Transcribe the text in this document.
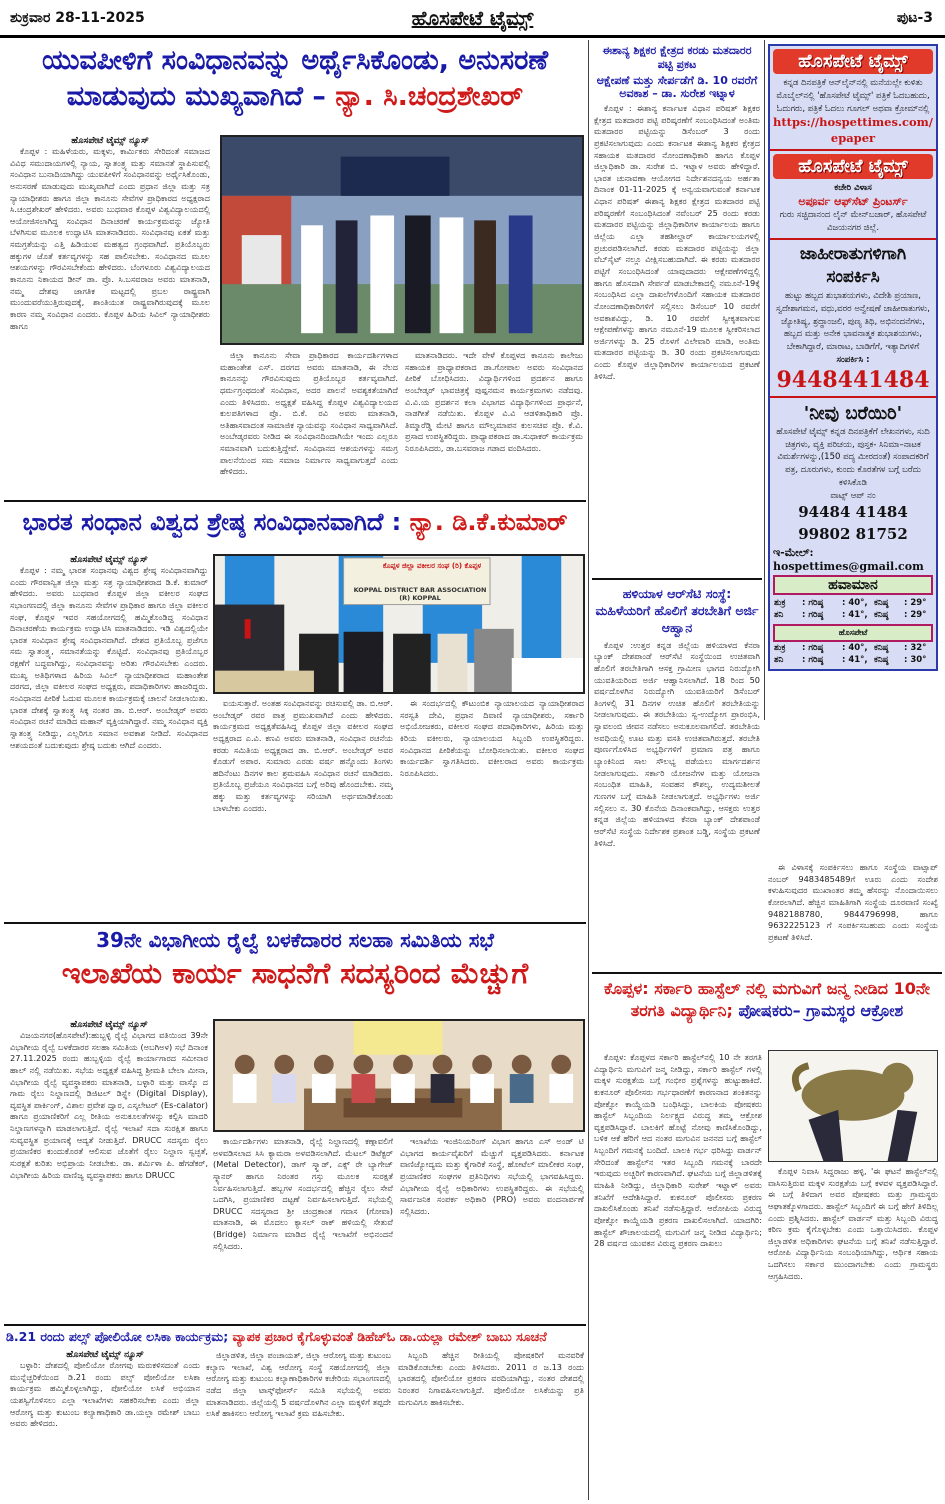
ಶುಕ್ರವಾರ 28-11-2025	ಹೊಸಪೇಟೆ ಟೈಮ್ಸ್	ಪುಟ-3
ಯುವಪೀಳಿಗೆ ಸಂವಿಧಾನವನ್ನು ಅರ್ಥೈಸಿಕೊಂಡು, ಅನುಸರಣೆ
ಮಾಡುವುದು ಮುಖ್ಯವಾಗಿದೆ – ನ್ಯಾ. ಸಿ.ಚಂದ್ರಶೇಖರ್
ಹೊಸಪೇಟೆ ಟೈಮ್ಸ್ ನ್ಯೂಸ್

ಕೊಪ್ಪಳ : ಮಹಿಳೆಯರು, ಮಕ್ಕಳು, ಕಾರ್ಮಿಕರು ಸೇರಿದಂತೆ ಸಮಾಜದ ವಿವಿಧ ಸಮುದಾಯಗಳಲ್ಲಿ ನ್ಯಾಯ, ಸ್ವಾತಂತ್ರ್ಯ ಮತ್ತು ಸಮಾನತೆ ಸ್ಥಾಪಿಸುವಲ್ಲಿ ಸಂವಿಧಾನ ಬುನಾದಿಯಾಗಿದ್ದು ಯುವಪೀಳಿಗೆ ಸಂವಿಧಾನವನ್ನು ಅರ್ಥೈಸಿಕೊಂಡು, ಅನುಸರಣೆ ಮಾಡುವುದು ಮುಖ್ಯವಾಗಿದೆ ಎಂದು ಪ್ರಧಾನ ಜಿಲ್ಲಾ ಮತ್ತು ಸತ್ರ ನ್ಯಾಯಾಧೀಶರು ಹಾಗೂ ಜಿಲ್ಲಾ ಕಾನೂನು ಸೇವೆಗಳ ಪ್ರಾಧಿಕಾರದ ಅಧ್ಯಕ್ಷರಾದ ಸಿ.ಚಂದ್ರಶೇಖರ್ ಹೇಳಿದರು. ಅವರು ಬುಧವಾರ ಕೊಪ್ಪಳ ವಿಶ್ವವಿದ್ಯಾಲಯದಲ್ಲಿ ಆಯೋಜಿಸಲಾಗಿದ್ದ ಸಂವಿಧಾನ ದಿನಾಚರಣೆ ಕಾರ್ಯಕ್ರಮವನ್ನು ಜ್ಯೋತಿ ಬೆಳಗಿಸುವ ಮೂಲಕ ಉದ್ಘಾಟಿಸಿ ಮಾತನಾಡಿದರು. ಸಂವಿಧಾನವು ಏಕತೆ ಮತ್ತು ಸಮಗ್ರತೆಯನ್ನು ಎತ್ತಿ ಹಿಡಿಯುವ ಮಹತ್ವದ ಗ್ರಂಥವಾಗಿದೆ. ಪ್ರತಿಯೊಬ್ಬರು ಹಕ್ಕುಗಳ ಜೊತೆ ಕರ್ತವ್ಯಗಳನ್ನು ಸಹ ಪಾಲಿಸಬೇಕು. ಸಂವಿಧಾನದ ಮೂಲ ಆಶಯಗಳನ್ನು ಗೌರವಿಸಬೇಕೆಂದು ಹೇಳಿದರು. ಬೆಂಗಳೂರು ವಿಶ್ವವಿದ್ಯಾಲಯದ ಕಾನೂನು ನಿಕಾಯದ ಡೀನ್ ಡಾ. ಪ್ರೊ. ಸಿ.ಬಸವರಾಜ ಅವರು ಮಾತನಾಡಿ, ನಮ್ಮ ದೇಶವು ಜಾಗತಿಕ ಮಟ್ಟದಲ್ಲಿ ಪ್ರಬಲ ರಾಷ್ಟ್ರವಾಗಿ ಮುಂದುವರೆಯುತ್ತಿರುವುದಕ್ಕೆ, ಶಾಂತಿಯುತ ರಾಷ್ಟ್ರವಾಗಿರುವುದಕ್ಕೆ ಮೂಲ ಕಾರಣ ನಮ್ಮ ಸಂವಿಧಾನ ಎಂದರು. ಕೊಪ್ಪಳ ಹಿರಿಯ ಸಿವಿಲ್ ನ್ಯಾಯಾಧೀಶರು ಹಾಗೂ

ಜಿಲ್ಲಾ ಕಾನೂನು ಸೇವಾ ಪ್ರಾಧಿಕಾರದ ಕಾರ್ಯದರ್ಶಿಗಳಾದ ಮಹಾಂತೇಶ ಎಸ್. ದರಗದ ಅವರು ಮಾತನಾಡಿ, ಈ ನೆಲದ ಕಾನೂನನ್ನು ಗೌರವಿಸುವುದು ಪ್ರತಿಯೊಬ್ಬರ ಕರ್ತವ್ಯವಾಗಿದೆ. ಧರ್ಮಗ್ರಂಥದಂತೆ ಸಂವಿಧಾನ, ಅದರ ಪಾಲನೆ ಅವಶ್ಯಕತೆಯಾಗಿದೆ ಎಂದು ತಿಳಿಸಿದರು. ಅಧ್ಯಕ್ಷತೆ ವಹಿಸಿದ್ದ ಕೊಪ್ಪಳ ವಿಶ್ವವಿದ್ಯಾಲಯದ ಕುಲಪತಿಗಳಾದ ಪ್ರೊ. ಬಿ.ಕೆ. ರವಿ ಅವರು ಮಾತನಾಡಿ, ಅತಿಹಾಸವಾದಂತ ಸಾಮಾಜಿಕ ನ್ಯಾಯವನ್ನು ಸಂವಿಧಾನ ಸಾಧ್ಯವಾಗಿಸಿದೆ. ಅಂಬೇಡ್ಕರವರು ನೀಡಿದ ಈ ಸಂವಿಧಾನದಿಂದಾಗಿಯೇ ಇಂದು ಎಲ್ಲರೂ ಸಮಾನವಾಗಿ ಬದುಕುತ್ತಿದ್ದೇವೆ. ಸಂವಿಧಾನದ ಆಶಯಗಳನ್ನು ಸಮಗ್ರ ಪಾಲನೆಯಿಂದ ಸಮ ಸಮಾಜ ನಿರ್ಮಾಣ ಸಾಧ್ಯವಾಗುತ್ತದೆ ಎಂದು ಹೇಳಿದರು.

ಮಾತನಾಡಿದರು. ಇದೇ ವೇಳೆ ಕೊಪ್ಪಳದ ಕಾನೂನು ಕಾಲೇಜು ಸಹಾಯಕ ಪ್ರಾಧ್ಯಾಪಕರಾದ ಡಾ.ಗೋಪಾಲ ಅವರು ಸಂವಿಧಾನದ ಪೀಠಿಕೆ ಬೋಧಿಸಿದರು. ವಿದ್ಯಾರ್ಥಿಗಳಿಂದ ಪ್ರದರ್ಶನ ಹಾಗೂ ಅಂಬೇಡ್ಕರ್ ಭಾವಚಿತ್ರಕ್ಕೆ ಪುಷ್ಪನಮನ ಕಾರ್ಯಕ್ರಮಗಳು ನಡೆದವು. ವಿ.ವಿ.ಯ ಪ್ರದರ್ಶನ ಕಲಾ ವಿಭಾಗದ ವಿದ್ಯಾರ್ಥಿಗಳಿಂದ ಪ್ರಾರ್ಥನೆ, ನಾಡಗೀತೆ ನಡೆಯಿತು. ಕೊಪ್ಪಳ ವಿ.ವಿ ಆಡಳಿತಾಧಿಕಾರಿ ಪ್ರೊ. ತಿಮ್ಮಾರೆಡ್ಡಿ ಮೇಟಿ ಹಾಗೂ ಮೌಲ್ಯಮಾಪನ ಕುಲಸಚಿವ ಪ್ರೊ. ಕೆ.ವಿ. ಪ್ರಸಾದ ಉಪಸ್ಥಿತರಿದ್ದರು. ಪ್ರಾಧ್ಯಾಪಕರಾದ ಡಾ.ಸುಧಾಕರ್ ಕಾರ್ಯಕ್ರಮ ನಿರೂಪಿಸಿದರು, ಡಾ.ಬಸವರಾಜ ಗಡಾದ ವಂದಿಸಿದರು.

ಭಾರತ ಸಂಧಾನ ವಿಶ್ವದ ಶ್ರೇಷ್ಠ ಸಂವಿಧಾನವಾಗಿದೆ : ನ್ಯಾ. ಡಿ.ಕೆ.ಕುಮಾರ್
ಹೊಸಪೇಟೆ ಟೈಮ್ಸ್ ನ್ಯೂಸ್

ಕೊಪ್ಪಳ : ನಮ್ಮ ಭಾರತ ಸಂಧಾನವು ವಿಶ್ವದ ಶ್ರೇಷ್ಠ ಸಂವಿಧಾನವಾಗಿದ್ದು ಎಂದು ಗೌರವಾನ್ವಿತ ಜಿಲ್ಲಾ ಮತ್ತು ಸತ್ರ ನ್ಯಾಯಾಧೀಶರಾದ ಡಿ.ಕೆ. ಕುಮಾರ್ ಹೇಳಿದರು. ಅವರು ಬುಧವಾರ ಕೊಪ್ಪಳ ಜಿಲ್ಲಾ ವಕೀಲರ ಸಂಘದ ಸಭಾಂಗಣದಲ್ಲಿ ಜಿಲ್ಲಾ ಕಾನೂನು ಸೇವೆಗಳ ಪ್ರಾಧಿಕಾರ ಹಾಗೂ ಜಿಲ್ಲಾ ವಕೀಲರ ಸಂಘ, ಕೊಪ್ಪಳ ಇವರ ಸಹಯೋಗದಲ್ಲಿ ಹಮ್ಮಿಕೊಂಡಿದ್ದ ಸಂವಿಧಾನ ದಿನಾಚರಣೆಯ ಕಾರ್ಯಕ್ರಮ ಉದ್ಘಾಟಿಸಿ ಮಾತನಾಡಿದರು. ಇಡಿ ವಿಶ್ವದಲ್ಲಿಯೇ ಭಾರತ ಸಂವಿಧಾನ ಶ್ರೇಷ್ಠ ಸಂವಿಧಾನವಾಗಿದೆ. ದೇಶದ ಪ್ರತಿಯೊಬ್ಬ ಪ್ರಜೆಗೂ ಸಮ ಸ್ವಾತಂತ್ರ್ಯ, ಸಮಾನತೆಯನ್ನು ಕೊಟ್ಟಿದೆ. ಸಂವಿಧಾನವು ಪ್ರತಿಯೊಬ್ಬರ ರಕ್ಷಣೆಗೆ ಬದ್ಧವಾಗಿದ್ದು, ಸಂವಿಧಾನವನ್ನು ಅರಿತು ಗೌರವಿಸಬೇಕು ಎಂದರು. ಮುಖ್ಯ ಅತಿಥಿಗಳಾದ ಹಿರಿಯ ಸಿವಿಲ್ ನ್ಯಾಯಾಧೀಶರಾದ ಮಹಾಂತೇಶ ದರಗದ, ಜಿಲ್ಲಾ ವಕೀಲರ ಸಂಘದ ಅಧ್ಯಕ್ಷರು, ಪದಾಧಿಕಾರಿಗಳು ಹಾಜರಿದ್ದರು. ಸಂವಿಧಾನದ ಪೀಠಿಕೆ ಓದುವ ಮೂಲಕ ಕಾರ್ಯಕ್ರಮಕ್ಕೆ ಚಾಲನೆ ನೀಡಲಾಯಿತು. ಭಾರತ ದೇಶಕ್ಕೆ ಸ್ವಾತಂತ್ರ್ಯ ಸಿಕ್ಕ ನಂತರ ಡಾ. ಬಿ.ಆರ್. ಅಂಬೇಡ್ಕರ್ ಅವರು ಸಂವಿಧಾನ ರಚನೆ ಮಾಡಿದ ಮಹಾನ್ ವ್ಯಕ್ತಿಯಾಗಿದ್ದಾರೆ. ನಮ್ಮ ಸಂವಿಧಾನ ವ್ಯಕ್ತಿ ಸ್ವಾತಂತ್ರ್ಯ ನೀಡಿದ್ದು, ಎಲ್ಲರಿಗೂ ಸಮಾನ ಅವಕಾಶ ನೀಡಿದೆ. ಸಂವಿಧಾನದ ಆಶಯದಂತೆ ಬದುಕುವುದು ಶ್ರೇಷ್ಠ ಬದುಕು ಆಗಿದೆ ಎಂದರು.

ಕೊಪ್ಪಳ ಜಿಲ್ಲಾ ವಕೀಲರ ಸಂಘ (ರಿ) ಕೊಪ್ಪಳ
KOPPAL DISTRICT BAR ASSOCIATION (R) KOPPAL

ಐಯಸುತ್ತಾರೆ. ಅಂತಹ ಸಂವಿಧಾನವನ್ನು ರಚಿಸುವಲ್ಲಿ ಡಾ. ಬಿ.ಆರ್. ಅಂಬೇಡ್ಕರ್ ರವರ ಪಾತ್ರ ಪ್ರಮುಖವಾಗಿದೆ ಎಂದು ಹೇಳಿದರು. ಕಾರ್ಯಕ್ರಮದ ಅಧ್ಯಕ್ಷತೆವಹಿಸಿದ್ದ ಕೊಪ್ಪಳ ಜಿಲ್ಲಾ ವಕೀಲರ ಸಂಘದ ಅಧ್ಯಕ್ಷರಾದ ಎ.ವಿ. ಕಣವಿ ಅವರು ಮಾತನಾಡಿ, ಸಂವಿಧಾನ ರಚನೆಯ ಕರಡು ಸಮಿತಿಯ ಅಧ್ಯಕ್ಷರಾದ ಡಾ. ಬಿ.ಆರ್. ಅಂಬೇಡ್ಕರ್ ಅವರ ಕೊಡುಗೆ ಅಪಾರ. ಸುಮಾರು ಎರಡು ವರ್ಷ ಹನ್ನೊಂದು ತಿಂಗಳು ಹದಿನೆಂಟು ದಿನಗಳ ಕಾಲ ಶ್ರಮವಹಿಸಿ ಸಂವಿಧಾನ ರಚನೆ ಮಾಡಿದರು. ಪ್ರತಿಯೊಬ್ಬ ಪ್ರಜೆಯೂ ಸಂವಿಧಾನದ ಬಗ್ಗೆ ಅರಿವು ಹೊಂದಬೇಕು. ನಮ್ಮ ಹಕ್ಕು ಮತ್ತು ಕರ್ತವ್ಯಗಳನ್ನು ಸರಿಯಾಗಿ ಅರ್ಥಮಾಡಿಕೊಂಡು ಬಾಳಬೇಕು ಎಂದರು.

ಈ ಸಂದರ್ಭದಲ್ಲಿ ಕೌಟುಂಬಿಕ ನ್ಯಾಯಾಲಯದ ನ್ಯಾಯಾಧೀಶರಾದ ಸರಸ್ವತಿ ದೇವಿ, ಪ್ರಧಾನ ದಿವಾಣಿ ನ್ಯಾಯಾಧೀಶರು, ಸರ್ಕಾರಿ ಅಭಿಯೋಜಕರು, ವಕೀಲರ ಸಂಘದ ಪದಾಧಿಕಾರಿಗಳು, ಹಿರಿಯ ಮತ್ತು ಕಿರಿಯ ವಕೀಲರು, ನ್ಯಾಯಾಲಯದ ಸಿಬ್ಬಂದಿ ಉಪಸ್ಥಿತರಿದ್ದರು. ಸಂವಿಧಾನದ ಪೀಠಿಕೆಯನ್ನು ಬೋಧಿಸಲಾಯಿತು. ವಕೀಲರ ಸಂಘದ ಕಾರ್ಯದರ್ಶಿ ಸ್ವಾಗತಿಸಿದರು. ವಕೀಲರಾದ ಅವರು ಕಾರ್ಯಕ್ರಮ ನಿರೂಪಿಸಿದರು.

39ನೇ ವಿಭಾಗೀಯ ರೈಲ್ವೆ ಬಳಕೆದಾರರ ಸಲಹಾ ಸಮಿತಿಯ ಸಭೆ
ಇಲಾಖೆಯ ಕಾರ್ಯ ಸಾಧನೆಗೆ ಸದಸ್ಯರಿಂದ ಮೆಚ್ಚುಗೆ
ಹೊಸಪೇಟೆ ಟೈಮ್ಸ್ ನ್ಯೂಸ್

ವಿಜಯನಗರ(ಹೊಸಪೇಟೆ):ಹುಬ್ಬಳ್ಳಿ ರೈಲ್ವೆ ವಿಭಾಗದ ವತಿಯಿಂದ 39ನೇ ವಿಭಾಗೀಯ ರೈಲ್ವೆ ಬಳಕೆದಾರರ ಸಲಹಾ ಸಮಿತಿಯ (ಅಬಗಿಅಳ) ಸಭೆ ದಿನಾಂಕ 27.11.2025 ರಂದು ಹುಬ್ಬಳ್ಳಿಯ ರೈಲ್ವೆ ಕಾರ್ಯಾಗಾರದ ಸಮೀನಾರ ಹಾಲ್ ನಲ್ಲಿ ನಡೆಯಿತು. ಸಭೆಯ ಅಧ್ಯಕ್ಷತೆ ವಹಿಸಿದ್ದ ಶ್ರೀಮತಿ ಬೇಲಾ ಮೀನಾ, ವಿಭಾಗೀಯ ರೈಲ್ವೆ ವ್ಯವಸ್ಥಾಪಕರು ಮಾತನಾಡಿ, ಬಳ್ಳಾರಿ ಮತ್ತು ವಾಸ್ಕೊ ದ ಗಾಮ ರೈಲು ನಿಲ್ದಾಣದಲ್ಲಿ ಡಿಜಿಟಲ್ ಡಿಸ್ಪ್ಲೇ (Digital Display), ವ್ಯವಸ್ಥಿತ ಪಾರ್ಕಿಂಗ್, ವಿಶಾಲ ಪ್ರವೇಶ ದ್ವಾರ, ಎಸ್ಕಲೇಟರ್ (Es-calator) ಹಾಗೂ ಪ್ರಯಾಣಿಕರಿಗೆ ಎಲ್ಲ ರೀತಿಯ ಅನುಕೂಲತೆಗಳನ್ನು ಕಲ್ಪಿಸಿ ಮಾದರಿ ನಿಲ್ದಾಣಗಳನ್ನಾಗಿ ಮಾಡಲಾಗುತ್ತಿದೆ. ರೈಲ್ವೆ ಇಲಾಖೆ ಸದಾ ಸುರಕ್ಷಿತ ಹಾಗೂ ಸುವ್ಯವಸ್ಥಿತ ಪ್ರಯಾಣಕ್ಕೆ ಆದ್ಯತೆ ನೀಡುತ್ತಿದೆ. DRUCC ಸದಸ್ಯರು ರೈಲು ಪ್ರಯಾಣಿಕರ ಕುಂದುಕೊರತೆ ಆಲಿಸುವ ಜೊತೆಗೆ ರೈಲು ನಿಲ್ದಾಣ ಸ್ವಚ್ಛತೆ, ಸುರಕ್ಷತೆ ಕುರಿತು ಅಭಿಪ್ರಾಯ ನೀಡಬೇಕು. ಡಾ. ಶರ್ಮಿಳಾ ಪಿ. ಹೆಗಡೆಕರ್, ವಿಭಾಗೀಯ ಹಿರಿಯ ವಾಣಿಜ್ಯ ವ್ಯವಸ್ಥಾಪಕರು ಹಾಗೂ DRUCC

ಕಾರ್ಯದರ್ಶಿಗಳು ಮಾತನಾಡಿ, ರೈಲ್ವೆ ನಿಲ್ದಾಣದಲ್ಲಿ ಕಣ್ಗಾವಲಿಗೆ ಅಳವಡಿಸಲಾದ ಸಿಸಿ ಕ್ಯಾಮರಾ ಅಳವಡಿಸಲಾಗಿದೆ. ಮೆಟಲ್ ಡಿಟೆಕ್ಟರ್ (Metal Detector), ಡಾಗ್ ಸ್ಕ್ವಾಡ್, ಎಕ್ಸ್ ರೇ ಬ್ಯಾಗೇಜ್ ಸ್ಕ್ಯಾನರ್ ಹಾಗೂ ನಿರಂತರ ಗಸ್ತು ಮೂಲಕ ಸುರಕ್ಷತೆ ನಿರ್ವಹಿಸಲಾಗುತ್ತಿದೆ. ಹಬ್ಬಗಳ ಸಂದರ್ಭದಲ್ಲಿ ಹೆಚ್ಚಿನ ರೈಲು ಸೇವೆ ಒದಗಿಸಿ, ಪ್ರಯಾಣಿಕರ ದಟ್ಟಣೆ ನಿರ್ವಹಿಸಲಾಗುತ್ತಿದೆ. ಸಭೆಯಲ್ಲಿ DRUCC ಸದಸ್ಯರಾದ ಶ್ರೀ ಚಂದ್ರಕಾಂತ ಗವಾಸ (ಗೋವಾ) ಮಾತನಾಡಿ, ಈ ಮೊದಲು ಕ್ಯಾಸಲ್ ರಾಕ್ ಹಳಿಯಲ್ಲಿ ಸೇತುವೆ (Bridge) ನಿರ್ಮಾಣ ಮಾಡಿದ ರೈಲ್ವೆ ಇಲಾಖೆಗೆ ಅಭಿನಂದನೆ ಸಲ್ಲಿಸಿದರು.

ಇಲಾಖೆಯ ಇಂಜಿನಿಯರಿಂಗ್ ವಿಭಾಗ ಹಾಗೂ ಎಸ್ ಅಂಡ್ ಟಿ ವಿಭಾಗದ ಕಾರ್ಯವೈಖರಿಗೆ ಮೆಚ್ಚುಗೆ ವ್ಯಕ್ತಪಡಿಸಿದರು. ಕರ್ನಾಟಕ ವಾಣಿಜ್ಯೋದ್ಯಮ ಮತ್ತು ಕೈಗಾರಿಕೆ ಸಂಸ್ಥೆ, ಹೋಟೆಲ್ ಮಾಲೀಕರ ಸಂಘ, ಪ್ರಯಾಣಿಕರ ಸಂಘಗಳ ಪ್ರತಿನಿಧಿಗಳು ಸಭೆಯಲ್ಲಿ ಭಾಗವಹಿಸಿದ್ದರು. ವಿಭಾಗೀಯ ರೈಲ್ವೆ ಅಧಿಕಾರಿಗಳು ಉಪಸ್ಥಿತರಿದ್ದರು. ಈ ಸಭೆಯಲ್ಲಿ ಸಾರ್ವಜನಿಕ ಸಂಪರ್ಕ ಅಧಿಕಾರಿ (PRO) ಅವರು ವಂದನಾರ್ಪಣೆ ಸಲ್ಲಿಸಿದರು.

ಡಿ.21 ರಂದು ಪಲ್ಸ್ ಪೋಲಿಯೋ ಲಸಿಕಾ ಕಾರ್ಯಕ್ರಮ; ವ್ಯಾಪಕ ಪ್ರಚಾರ ಕೈಗೊಳ್ಳುವಂತೆ ಡಿಹೆಚ್‌ಓ ಡಾ.ಯಲ್ಲಾ ರಮೇಶ್ ಬಾಬು ಸೂಚನೆ
ಹೊಸಪೇಟೆ ಟೈಮ್ಸ್ ನ್ಯೂಸ್

ಬಳ್ಳಾರಿ: ದೇಶದಲ್ಲಿ ಪೋಲಿಯೋ ರೋಗವು ಮರುಕಳಿಸದಂತೆ ಎಂದು ಮುನ್ನೆಚ್ಚರಿಕೆಯಿಂದ ಡಿ.21 ರಂದು ಪಲ್ಸ್ ಪೋಲಿಯೋ ಲಸಿಕಾ ಕಾರ್ಯಕ್ರಮ ಹಮ್ಮಿಕೊಳ್ಳಲಾಗಿದ್ದು, ಪೋಲಿಯೋ ಲಸಿಕೆ ಅಭಿಯಾನ ಯಶಸ್ವಿಗೊಳಿಸಲು ಎಲ್ಲಾ ಇಲಾಖೆಗಳು ಸಹಕರಿಸಬೇಕು ಎಂದು ಜಿಲ್ಲಾ ಆರೋಗ್ಯ ಮತ್ತು ಕುಟುಂಬ ಕಲ್ಯಾಣಾಧಿಕಾರಿ ಡಾ.ಯಲ್ಲಾ ರಮೇಶ್ ಬಾಬು ಅವರು ಹೇಳಿದರು.

ಜಿಲ್ಲಾಡಳಿತ, ಜಿಲ್ಲಾ ಪಂಚಾಯತ್, ಜಿಲ್ಲಾ ಆರೋಗ್ಯ ಮತ್ತು ಕುಟುಂಬ ಕಲ್ಯಾಣ ಇಲಾಖೆ, ವಿಶ್ವ ಆರೋಗ್ಯ ಸಂಸ್ಥೆ ಸಹಯೋಗದಲ್ಲಿ ಜಿಲ್ಲಾ ಆರೋಗ್ಯ ಮತ್ತು ಕುಟುಂಬ ಕಲ್ಯಾಣಾಧಿಕಾರಿಗಳ ಕಚೇರಿಯ ಸಭಾಂಗಣದಲ್ಲಿ ನಡೆದ ಜಿಲ್ಲಾ ಟಾಸ್ಕ್‌ಫೋರ್ಸ್ ಸಮಿತಿ ಸಭೆಯಲ್ಲಿ ಅವರು ಮಾತನಾಡಿದರು. ಜಿಲ್ಲೆಯಲ್ಲಿ 5 ವರ್ಷದೊಳಗಿನ ಎಲ್ಲಾ ಮಕ್ಕಳಿಗೆ ತಪ್ಪದೇ ಲಸಿಕೆ ಹಾಕಿಸಲು ಆರೋಗ್ಯ ಇಲಾಖೆ ಕ್ರಮ ವಹಿಸಬೇಕು.

ಸಿಬ್ಬಂದಿ ಹೆಚ್ಚಿನ ರೀತಿಯಲ್ಲಿ ಪೋಷಕರಿಗೆ ಮನವರಿಕೆ ಮಾಡಿಕೊಡಬೇಕು ಎಂದು ತಿಳಿಸಿದರು. 2011 ರ ಜ.13 ರಂದು ಭಾರತದಲ್ಲಿ ಪೋಲಿಯೋ ಪ್ರಕರಣ ವರದಿಯಾಗಿದ್ದು, ನಂತರ ದೇಶದಲ್ಲಿ ನಿರಂತರ ನಿಗಾವಹಿಸಲಾಗುತ್ತಿದೆ. ಪೋಲಿಯೋ ಲಸಿಕೆಯನ್ನು ಪ್ರತಿ ಮಗುವಿಗೂ ಹಾಕಿಸಬೇಕು.

ಈಶಾನ್ಯ ಶಿಕ್ಷಕರ ಕ್ಷೇತ್ರದ ಕರಡು ಮತದಾರರ ಪಟ್ಟಿ ಪ್ರಕಟ
ಆಕ್ಷೇಪಣೆ ಮತ್ತು ಸೇರ್ಪಡೆಗೆ ಡಿ. 10 ರವರೆಗೆ ಅವಕಾಶ – ಡಾ. ಸುರೇಶ ಇಟ್ನಾಳ

ಕೊಪ್ಪಳ : ಈಶಾನ್ಯ ಕರ್ನಾಟಕ ವಿಧಾನ ಪರಿಷತ್ ಶಿಕ್ಷಕರ ಕ್ಷೇತ್ರದ ಮತದಾರರ ಪಟ್ಟಿ ಪರಿಷ್ಕರಣೆಗೆ ಸಂಬಂಧಿಸಿದಂತೆ ಅಂತಿಮ ಮತದಾರರ ಪಟ್ಟಿಯನ್ನು ಡಿಸೆಂಬರ್ 3 ರಂದು ಪ್ರಕಟಿಸಲಾಗುವುದು ಎಂದು ಕರ್ನಾಟಕ ಈಶಾನ್ಯ ಶಿಕ್ಷಕರ ಕ್ಷೇತ್ರದ ಸಹಾಯಕ ಮತದಾರರ ನೋಂದಣಾಧಿಕಾರಿ ಹಾಗೂ ಕೊಪ್ಪಳ ಜಿಲ್ಲಾಧಿಕಾರಿ ಡಾ. ಸುರೇಶ ಬಿ. ಇಟ್ನಾಳ ಅವರು ಹೇಳಿದ್ದಾರೆ. ಭಾರತ ಚುನಾವಣಾ ಆಯೋಗದ ನಿರ್ದೇಶನದನ್ವಯ ಅರ್ಹತಾ ದಿನಾಂಕ 01-11-2025 ಕ್ಕೆ ಅನ್ವಯವಾಗುವಂತೆ ಕರ್ನಾಟಕ ವಿಧಾನ ಪರಿಷತ್ ಈಶಾನ್ಯ ಶಿಕ್ಷಕರ ಕ್ಷೇತ್ರದ ಮತದಾರರ ಪಟ್ಟಿ ಪರಿಷ್ಕರಣೆಗೆ ಸಂಬಂಧಿಸಿದಂತೆ ನವೆಂಬರ್ 25 ರಂದು ಕರಡು ಮತದಾರರ ಪಟ್ಟಿಯನ್ನು ಜಿಲ್ಲಾಧಿಕಾರಿಗಳ ಕಾರ್ಯಾಲಯ ಹಾಗೂ ಜಿಲ್ಲೆಯ ಎಲ್ಲಾ ತಹಶೀಲ್ದಾರ್ ಕಾರ್ಯಾಲಯಗಳಲ್ಲಿ ಪ್ರಚುರಪಡಿಸಲಾಗಿದೆ. ಕರಡು ಮತದಾರರ ಪಟ್ಟಿಯನ್ನು ಜಿಲ್ಲಾ ವೆಬ್‌ಸೈಟ್ ನಲ್ಲೂ ವೀಕ್ಷಿಸಬಹುದಾಗಿದೆ. ಈ ಕರಡು ಮತದಾರರ ಪಟ್ಟಿಗೆ ಸಂಬಂಧಿಸಿದಂತೆ ಯಾವುದಾದರು ಆಕ್ಷೇಪಣೆಗಳಿದ್ದಲ್ಲಿ ಹಾಗೂ ಹೊಸದಾಗಿ ಸೇರ್ಪಡೆ ಮಾಡಬೇಕಾದಲ್ಲಿ ನಮೂನೆ-19ಕ್ಕೆ ಸಂಬಂಧಿಸಿದ ಎಲ್ಲಾ ದಾಖಲೆಗಳೊಂದಿಗೆ ಸಹಾಯಕ ಮತದಾರರ ನೋಂದಣಾಧಿಕಾರಿಗಳಿಗೆ ಸಲ್ಲಿಸಲು ಡಿಸೆಂಬರ್ 10 ರವರೆಗೆ ಅವಕಾಶವಿದ್ದು, ಡಿ. 10 ರವರೆಗೆ ಸ್ವೀಕೃತವಾಗುವ ಆಕ್ಷೇಪಣೆಗಳನ್ನು ಹಾಗೂ ನಮೂನೆ-19 ಮೂಲಕ ಸ್ವೀಕರಿಸಲಾದ ಅರ್ಜಿಗಳನ್ನು ಡಿ. 25 ರೊಳಗೆ ವಿಲೇವಾರಿ ಮಾಡಿ, ಅಂತಿಮ ಮತದಾರರ ಪಟ್ಟಿಯನ್ನು ಡಿ. 30 ರಂದು ಪ್ರಕಟಿಸಲಾಗುವುದು ಎಂದು ಕೊಪ್ಪಳ ಜಿಲ್ಲಾಧಿಕಾರಿಗಳ ಕಾರ್ಯಾಲಯದ ಪ್ರಕಟಣೆ ತಿಳಿಸಿದೆ.

ಹಳಿಯಾಳ ಆರ್‌ಸೆಟಿ ಸಂಸ್ಥೆ: ಮಹಿಳೆಯರಿಗೆ ಹೊಲಿಗೆ ತರಬೇತಿಗೆ ಅರ್ಜಿ ಆಹ್ವಾನ

ಕೊಪ್ಪಳ :ಉತ್ತರ ಕನ್ನಡ ಜಿಲ್ಲೆಯ ಹಳಿಯಾಳದ ಕೆನರಾ ಬ್ಯಾಂಕ್ ದೇಶಪಾಂಡೆ ಆರ್‌ಸೆಟಿ ಸಂಸ್ಥೆಯಿಂದ ಉಚಿತವಾಗಿ ಹೊಲಿಗೆ ತರಬೇತಿಗಾಗಿ ಆಸಕ್ತ ಗ್ರಾಮೀಣ ಭಾಗದ ನಿರುದ್ಯೋಗಿ ಯುವತಿಯರಿಂದ ಅರ್ಜಿ ಆಹ್ವಾನಿಸಲಾಗಿದೆ. 18 ರಿಂದ 50 ವರ್ಷದೊಳಗಿನ ನಿರುದ್ಯೋಗಿ ಯುವತಿಯರಿಗೆ ಡಿಸೆಂಬರ್ ತಿಂಗಳಲ್ಲಿ 31 ದಿನಗಳ ಉಚಿತ ಹೊಲಿಗೆ ತರಬೇತಿಯನ್ನು ನೀಡಲಾಗುವುದು. ಈ ತರಬೇತಿಯು ಸ್ವ-ಉದ್ಯೋಗ ಪ್ರಾರಂಭಿಸಿ, ಸ್ವಾವಲಂಬಿ ಜೀವನ ನಡೆಸಲು ಅನುಕೂಲವಾಗಲಿದೆ. ತರಬೇತಿಯ ಅವಧಿಯಲ್ಲಿ ಊಟ ಮತ್ತು ವಸತಿ ಉಚಿತವಾಗಿರುತ್ತದೆ. ತರಬೇತಿ ಪೂರ್ಣಗೊಳಿಸಿದ ಅಭ್ಯರ್ಥಿಗಳಿಗೆ ಪ್ರಮಾಣ ಪತ್ರ ಹಾಗೂ ಬ್ಯಾಂಕಿನಿಂದ ಸಾಲ ಸೌಲಭ್ಯ ಪಡೆಯಲು ಮಾರ್ಗದರ್ಶನ ನೀಡಲಾಗುವುದು. ಸರ್ಕಾರಿ ಯೋಜನೆಗಳ ಮತ್ತು ಯೋಜನಾ ಸಂಬಂಧಿತ ಮಾಹಿತಿ, ಸಂವಹನ ಕೌಶಲ್ಯ, ಉದ್ಯಮಶೀಲತೆ ಗುಣಗಳ ಬಗ್ಗೆ ಮಾಹಿತಿ ನೀಡಲಾಗುತ್ತದೆ. ಅಭ್ಯರ್ಥಿಗಳು ಅರ್ಜಿ ಸಲ್ಲಿಸಲು ನ. 30 ಕೊನೆಯ ದಿನಾಂಕವಾಗಿದ್ದು, ಆಸಕ್ತರು ಉತ್ತರ ಕನ್ನಡ ಜಿಲ್ಲೆಯ ಹಳಿಯಾಳದ ಕೆನರಾ ಬ್ಯಾಂಕ್ ದೇಶಪಾಂಡೆ ಆರ್‌ಸೆಟಿ ಸಂಸ್ಥೆಯ ನಿರ್ದೇಶಕ ಪ್ರಶಾಂತ ಬಡ್ಡಿ, ಸಂಸ್ಥೆಯ ಪ್ರಕಟಣೆ ತಿಳಿಸಿದೆ.

ಹೊಸಪೇಟೆ ಟೈಮ್ಸ್
ಕನ್ನಡ ದಿನಪತ್ರಿಕೆ ಆನ್‌ಲೈನ್‌ನಲ್ಲಿ ಮನೆಯಲ್ಲೇ ಕುಳಿತು ಮೊಬೈಲ್‌ನಲ್ಲಿ 'ಹೊಸಪೇಟೆ ಟೈಮ್ಸ್' ಪತ್ರಿಕೆ ಓದಬಹುದು, ಓದುಗರು, ಪತ್ರಿಕೆ ಓದಲು ಗೂಗಲ್ ಅಥವಾ ಕ್ರೋಮ್‌ನಲ್ಲಿ
https://hospettimes.com/
epaper
ಹೊಸಪೇಟೆ ಟೈಮ್ಸ್
ಕಚೇರಿ ವಿಳಾಸ
ಅಪೂರ್ವ ಆಫ್‌ಸೆಟ್ ಪ್ರಿಂಟರ್ಸ್
ಗುರು ಸಚ್ಚಿದಾನಂದ ಲೈನ್ ಮೇನ್‌ಬಜಾರ್, ಹೊಸಪೇಟೆ ವಿಜಯನಗರ ಜಿಲ್ಲೆ.
ಜಾಹೀರಾತುಗಳಿಗಾಗಿ
ಸಂಪರ್ಕಿಸಿ
ಹುಟ್ಟು ಹಬ್ಬದ ಶುಭಾಶಯಗಳು, ವಿದೇಶಿ ಪ್ರಯಾಣ, ಸ್ವದೇಶಾಗಮನ, ವಧು,ವರರ ಅನ್ವೇಷಣೆ ಜಾಹೀರಾತುಗಳು, ಜ್ಯೋತಿಷ್ಯ, ಶ್ರದ್ಧಾಂಜಲಿ, ಪುಣ್ಯ ತಿಥಿ, ಅಭಿನಂದನೆಗಳು, ಹಬ್ಬದ ಮತ್ತು ಅನೇಕ ಭಾವನಾತ್ಮಕ ಶುಭಾಶಯಗಳು, ಬೇಕಾಗಿದ್ದಾರೆ, ಮಾರಾಟ, ಬಾಡಿಗೆಗೆ, ಇತ್ಯಾದಿಗಳಿಗೆ
ಸಂಪರ್ಕಿಸಿ :
9448441484
'ನೀವು ಬರೆಯಿರಿ'
ಹೊಸಪೇಟೆ ಟೈಮ್ಸ್ ಕನ್ನಡ ದಿನಪತ್ರಿಕೆಗೆ ಲೇಖನಗಳು, ಸುದಿ ಚಿತ್ರಗಳು, ವ್ಯಕ್ತಿ ಪರಿಚಯ, ಪುಸ್ತಕ- ಸಿನಿಮಾ–ನಾಟಕ ವಿಮರ್ಶೆಗಳನ್ನು,(150 ಪದ್ಯ ಮೀರದಂತೆ) ಸಂಪಾದಕರಿಗೆ ಪತ್ರ, ದೂರುಗಳು, ಕುಂದು ಕೊರತೆಗಳ ಬಗ್ಗೆ ಬರೆದು ಕಳಿಸಿಕೊಡಿ
ವಾಟ್ಸ್ ಆಪ್ ನಂ
94484 41484
99802 81752
ಇ-ಮೇಲ್: hospettimes@gmail.com
ಹವಾಮಾನ
ಶುಕ್ರ	: ಗರಿಷ್ಠ	: 40°, ಕನಿಷ್ಠ	: 29°
ಶನಿ	: ಗರಿಷ್ಠ	: 41°, ಕನಿಷ್ಠ	: 29°
ಹೊಸಪೇಟೆ
ಶುಕ್ರ	: ಗರಿಷ್ಠ	: 40°, ಕನಿಷ್ಠ	: 32°
ಶನಿ	: ಗರಿಷ್ಠ	: 41°, ಕನಿಷ್ಠ	: 30°

ಈ ವಿಳಾಸಕ್ಕೆ ಸಂಪರ್ಕಿಸಲು ಹಾಗೂ ಸಂಸ್ಥೆಯ ವಾಟ್ಸಾಪ್ ನಂಬರ್ 9483485489ಗೆ ಊರು ಎಂದು ಸಂದೇಶ ಕಳುಹಿಸುವುದರ ಮುಖಾಂತರ ತಮ್ಮ ಹೆಸರನ್ನು ನೊಂದಾಯಿಸಲು ಕೋರಲಾಗಿದೆ. ಹೆಚ್ಚಿನ ಮಾಹಿತಿಗಾಗಿ ಸಂಸ್ಥೆಯ ದೂರವಾಣಿ ಸಂಖ್ಯೆ 9482188780, 9844796998, ಹಾಗೂ 9632225123 ಗೆ ಸಂಪರ್ಕಿಸಬಹುದು ಎಂದು ಸಂಸ್ಥೆಯ ಪ್ರಕಟಣೆ ತಿಳಿಸಿದೆ.

ಕೊಪ್ಪಳ: ಸರ್ಕಾರಿ ಹಾಸ್ಟೆಲ್ ನಲ್ಲಿ ಮಗುವಿಗೆ ಜನ್ಮ ನೀಡಿದ 10ನೇ ತರಗತಿ ವಿದ್ಯಾರ್ಥಿನಿ; ಪೋಷಕರು– ಗ್ರಾಮಸ್ಥರ ಆಕ್ರೋಶ

ಕೊಪ್ಪಳ: ಕೊಪ್ಪಳದ ಸರ್ಕಾರಿ ಹಾಸ್ಟೆಲ್‌ನಲ್ಲಿ 10 ನೇ ತರಗತಿ ವಿದ್ಯಾರ್ಥಿನಿ ಮಗುವಿಗೆ ಜನ್ಮ ನೀಡಿದ್ದು, ಸರ್ಕಾರಿ ಹಾಸ್ಟೆಲ್ ಗಳಲ್ಲಿ ಮಕ್ಕಳ ಸುರಕ್ಷತೆಯ ಬಗ್ಗೆ ಗಂಭೀರ ಪ್ರಶ್ನೆಗಳನ್ನು ಹುಟ್ಟುಹಾಕಿದೆ. ಕುಕನೂರ್ ಪೊಲೀಸರು ಗರ್ಭಧಾರಣೆಗೆ ಕಾರಣನಾದ ಶಂಕಿತನನ್ನು ಪೋಕ್ಸೋ ಕಾಯ್ದೆಯಡಿ ಬಂಧಿಸಿದ್ದು, ಬಾಲಕಿಯ ಪೋಷಕರು ಹಾಸ್ಟೆಲ್ ಸಿಬ್ಬಂದಿಯ ನಿರ್ಲಕ್ಷ್ಯದ ವಿರುದ್ಧ ತಮ್ಮ ಆಕ್ರೋಶ ವ್ಯಕ್ತಪಡಿಸಿದ್ದಾರೆ. ಬಾಲಕಿಗೆ ಹೊಟ್ಟೆ ನೋವು ಕಾಣಿಸಿಕೊಂಡಿದ್ದು, ಬಳಿಕ ಆಕೆ ಹೆರಿಗೆ ಆದ ನಂತರ ಮಗುವಿನ ಜನನದ ಬಗ್ಗೆ ಹಾಸ್ಟೆಲ್ ಸಿಬ್ಬಂದಿಗೆ ಗಮನಕ್ಕೆ ಬಂದಿದೆ. ಬಾಲಕಿ ಗರ್ಭ ಧರಿಸಿದ್ದು ವಾರ್ಡನ್ ಸೇರಿದಂತೆ ಹಾಸ್ಟೆಲ್‌ನ ಇತರ ಸಿಬ್ಬಂದಿ ಗಮನಕ್ಕೆ ಬಾರದೇ ಇರುವುದು ಅಚ್ಚರಿಗೆ ಕಾರಣವಾಗಿದೆ. ಘಟನೆಯ ಬಗ್ಗೆ ಜಿಲ್ಲಾಡಳಿತಕ್ಕೆ ಮಾಹಿತಿ ನೀಡಿದ್ದು, ಜಿಲ್ಲಾಧಿಕಾರಿ ಸುರೇಶ್ ಇಟ್ನಾಳ್ ಅವರು ತನಿಖೆಗೆ ಆದೇಶಿಸಿದ್ದಾರೆ. ಕುಕನೂರ್ ಪೊಲೀಸರು ಪ್ರಕರಣ ದಾಖಲಿಸಿಕೊಂಡು ತನಿಖೆ ನಡೆಸುತ್ತಿದ್ದಾರೆ. ಆರೋಪಿಯ ವಿರುದ್ಧ ಪೋಕ್ಸೋ ಕಾಯ್ದೆಯಡಿ ಪ್ರಕರಣ ದಾಖಲಿಸಲಾಗಿದೆ. ಯಾದಗಿರಿ: ಹಾಸ್ಟೆಲ್ ಶೌಚಾಲಯದಲ್ಲಿ ಮಗುವಿಗೆ ಜನ್ಮ ನೀಡಿದ ವಿದ್ಯಾರ್ಥಿನಿ; 28 ವರ್ಷದ ಯುವಕನ ವಿರುದ್ಧ ಪ್ರಕರಣ ದಾಖಲು

ಕೊಪ್ಪಳ ನಿವಾಸಿ ಸಿದ್ದರಾಜು ಹಳ್ಳಿ, 'ಈ ಘಟನೆ ಹಾಸ್ಟೆಲ್‌ನಲ್ಲಿ ವಾಸಿಸುತ್ತಿರುವ ಮಕ್ಕಳ ಸುರಕ್ಷತೆಯ ಬಗ್ಗೆ ಕಳವಳ ವ್ಯಕ್ತಪಡಿಸಿದ್ದಾರೆ. ಈ ಬಗ್ಗೆ ತಿಳಿದಾಗ ಅವರ ಪೋಷಕರು ಮತ್ತು ಗ್ರಾಮಸ್ಥರು ಆಘಾತಕ್ಕೊಳಗಾದರು. ಹಾಸ್ಟೆಲ್ ಸಿಬ್ಬಂದಿಗೆ ಈ ಬಗ್ಗೆ ಹೇಗೆ ತಿಳಿದಿಲ್ಲ ಎಂದು ಪ್ರಶ್ನಿಸಿದರು. ಹಾಸ್ಟೆಲ್ ವಾರ್ಡನ್ ಮತ್ತು ಸಿಬ್ಬಂದಿ ವಿರುದ್ಧ ಕಠಿಣ ಕ್ರಮ ಕೈಗೊಳ್ಳಬೇಕು ಎಂದು ಒತ್ತಾಯಿಸಿದರು. ಕೊಪ್ಪಳ ಜಿಲ್ಲಾಡಳಿತ ಅಧಿಕಾರಿಗಳು ಘಟನೆಯ ಬಗ್ಗೆ ತನಿಖೆ ನಡೆಸುತ್ತಿದ್ದಾರೆ. ಆರೋಪಿ ವಿದ್ಯಾರ್ಥಿನಿಯ ಸಂಬಂಧಿಯಾಗಿದ್ದು, ಆರ್ಥಿಕ ಸಹಾಯ ಒದಗಿಸಲು ಸರ್ಕಾರ ಮುಂದಾಗಬೇಕು ಎಂದು ಗ್ರಾಮಸ್ಥರು ಆಗ್ರಹಿಸಿದರು.
